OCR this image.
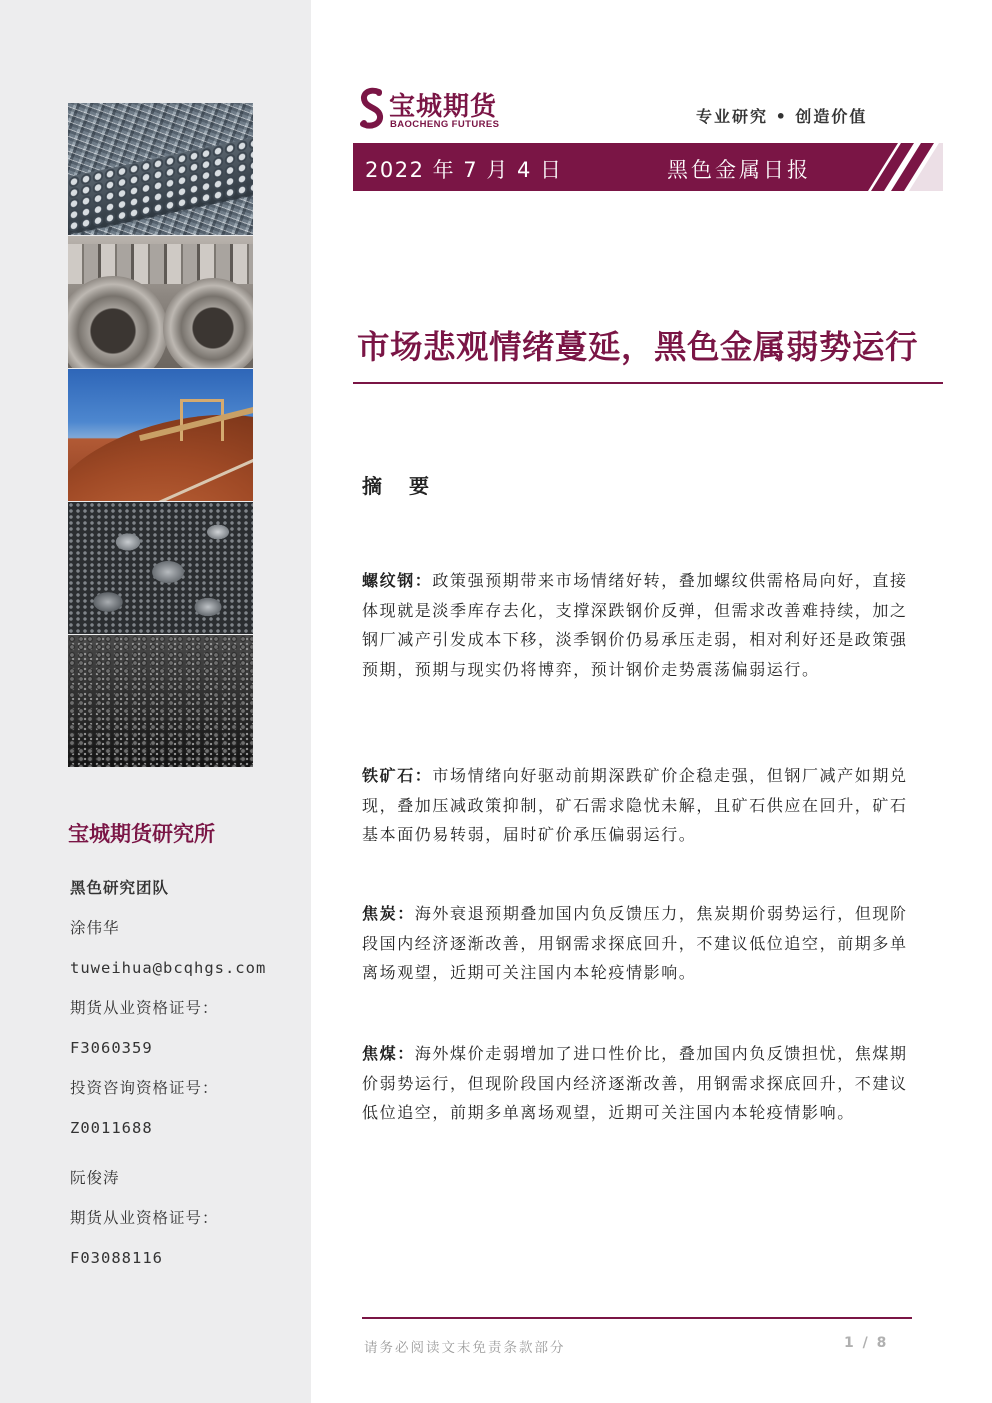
宝城期货研究所
黑色研究团队
涂伟华
tuweihua@bcqhgs.com
期货从业资格证号：
F3060359
投资咨询资格证号：
Z0011688
阮俊涛
期货从业资格证号：
F03088116
宝城期货
BAOCHENG FUTURES	专业研究 • 创造价值
2022 年 7 月 4 日	黑色金属日报
市场悲观情绪蔓延，黑色金属弱势运行
摘 要
螺纹钢：政策强预期带来市场情绪好转，叠加螺纹供需格局向好，直接体现就是淡季库存去化，支撑深跌钢价反弹，但需求改善难持续，加之钢厂减产引发成本下移，淡季钢价仍易承压走弱，相对利好还是政策强预期，预期与现实仍将博弈，预计钢价走势震荡偏弱运行。
铁矿石：市场情绪向好驱动前期深跌矿价企稳走强，但钢厂减产如期兑现，叠加压减政策抑制，矿石需求隐忧未解，且矿石供应在回升，矿石基本面仍易转弱，届时矿价承压偏弱运行。
焦炭：海外衰退预期叠加国内负反馈压力，焦炭期价弱势运行，但现阶段国内经济逐渐改善，用钢需求探底回升，不建议低位追空，前期多单离场观望，近期可关注国内本轮疫情影响。
焦煤：海外煤价走弱增加了进口性价比，叠加国内负反馈担忧，焦煤期价弱势运行，但现阶段国内经济逐渐改善，用钢需求探底回升，不建议低位追空，前期多单离场观望，近期可关注国内本轮疫情影响。
请务必阅读文末免责条款部分	1 / 8
